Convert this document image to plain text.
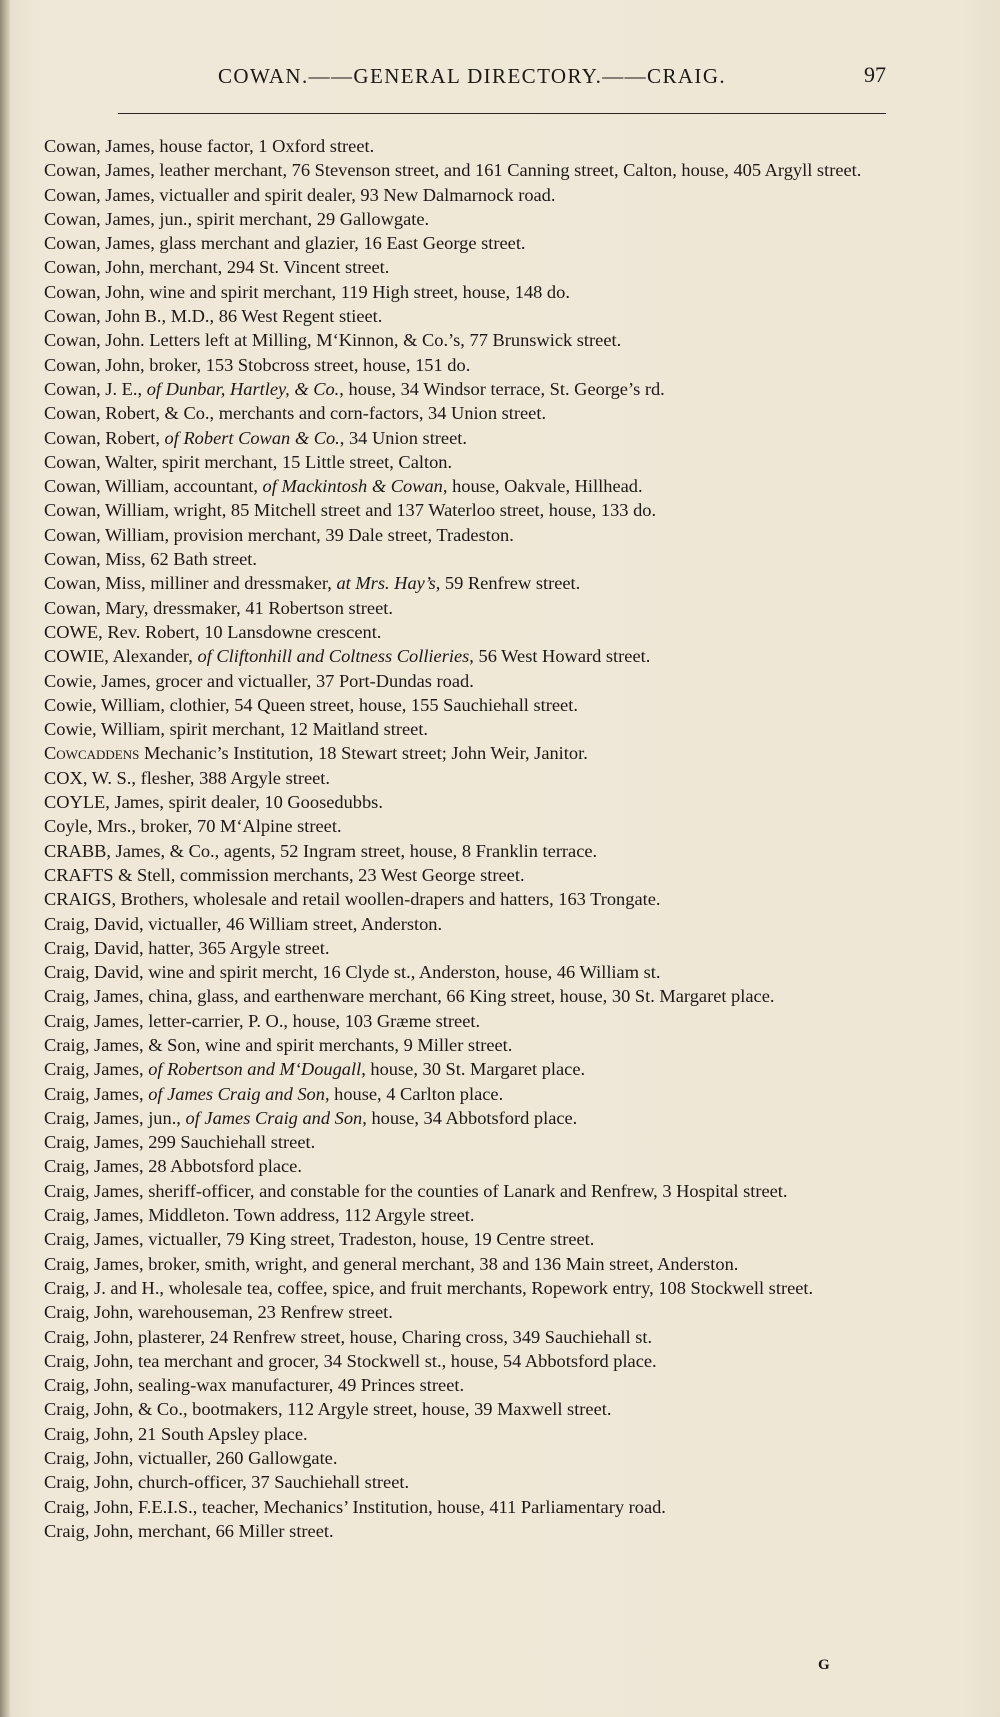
COWAN.——GENERAL DIRECTORY.——CRAIG.	97

Cowan, James, house factor, 1 Oxford street.

Cowan, James, leather merchant, 76 Stevenson street, and 161 Canning street, Calton, house, 405 Argyll street.

Cowan, James, victualler and spirit dealer, 93 New Dalmarnock road.

Cowan, James, jun., spirit merchant, 29 Gallowgate.

Cowan, James, glass merchant and glazier, 16 East George street.

Cowan, John, merchant, 294 St. Vincent street.

Cowan, John, wine and spirit merchant, 119 High street, house, 148 do.

Cowan, John B., M.D., 86 West Regent stieet.

Cowan, John. Letters left at Milling, M‘Kinnon, & Co.’s, 77 Brunswick street.

Cowan, John, broker, 153 Stobcross street, house, 151 do.

Cowan, J. E., of Dunbar, Hartley, & Co., house, 34 Windsor terrace, St. George’s rd.

Cowan, Robert, & Co., merchants and corn-factors, 34 Union street.

Cowan, Robert, of Robert Cowan & Co., 34 Union street.

Cowan, Walter, spirit merchant, 15 Little street, Calton.

Cowan, William, accountant, of Mackintosh & Cowan, house, Oakvale, Hillhead.

Cowan, William, wright, 85 Mitchell street and 137 Waterloo street, house, 133 do.

Cowan, William, provision merchant, 39 Dale street, Tradeston.

Cowan, Miss, 62 Bath street.

Cowan, Miss, milliner and dressmaker, at Mrs. Hay’s, 59 Renfrew street.

Cowan, Mary, dressmaker, 41 Robertson street.

COWE, Rev. Robert, 10 Lansdowne crescent.

COWIE, Alexander, of Cliftonhill and Coltness Collieries, 56 West Howard street.

Cowie, James, grocer and victualler, 37 Port-Dundas road.

Cowie, William, clothier, 54 Queen street, house, 155 Sauchiehall street.

Cowie, William, spirit merchant, 12 Maitland street.

Cowcaddens Mechanic’s Institution, 18 Stewart street; John Weir, Janitor.

COX, W. S., flesher, 388 Argyle street.

COYLE, James, spirit dealer, 10 Goosedubbs.

Coyle, Mrs., broker, 70 M‘Alpine street.

CRABB, James, & Co., agents, 52 Ingram street, house, 8 Franklin terrace.

CRAFTS & Stell, commission merchants, 23 West George street.

CRAIGS, Brothers, wholesale and retail woollen-drapers and hatters, 163 Trongate.

Craig, David, victualler, 46 William street, Anderston.

Craig, David, hatter, 365 Argyle street.

Craig, David, wine and spirit mercht, 16 Clyde st., Anderston, house, 46 William st.

Craig, James, china, glass, and earthenware merchant, 66 King street, house, 30 St. Margaret place.

Craig, James, letter-carrier, P. O., house, 103 Græme street.

Craig, James, & Son, wine and spirit merchants, 9 Miller street.

Craig, James, of Robertson and M‘Dougall, house, 30 St. Margaret place.

Craig, James, of James Craig and Son, house, 4 Carlton place.

Craig, James, jun., of James Craig and Son, house, 34 Abbotsford place.

Craig, James, 299 Sauchiehall street.

Craig, James, 28 Abbotsford place.

Craig, James, sheriff-officer, and constable for the counties of Lanark and Renfrew, 3 Hospital street.

Craig, James, Middleton. Town address, 112 Argyle street.

Craig, James, victualler, 79 King street, Tradeston, house, 19 Centre street.

Craig, James, broker, smith, wright, and general merchant, 38 and 136 Main street, Anderston.

Craig, J. and H., wholesale tea, coffee, spice, and fruit merchants, Ropework entry, 108 Stockwell street.

Craig, John, warehouseman, 23 Renfrew street.

Craig, John, plasterer, 24 Renfrew street, house, Charing cross, 349 Sauchiehall st.

Craig, John, tea merchant and grocer, 34 Stockwell st., house, 54 Abbotsford place.

Craig, John, sealing-wax manufacturer, 49 Princes street.

Craig, John, & Co., bootmakers, 112 Argyle street, house, 39 Maxwell street.

Craig, John, 21 South Apsley place.

Craig, John, victualler, 260 Gallowgate.

Craig, John, church-officer, 37 Sauchiehall street.

Craig, John, F.E.I.S., teacher, Mechanics’ Institution, house, 411 Parliamentary road.

Craig, John, merchant, 66 Miller street.

G
